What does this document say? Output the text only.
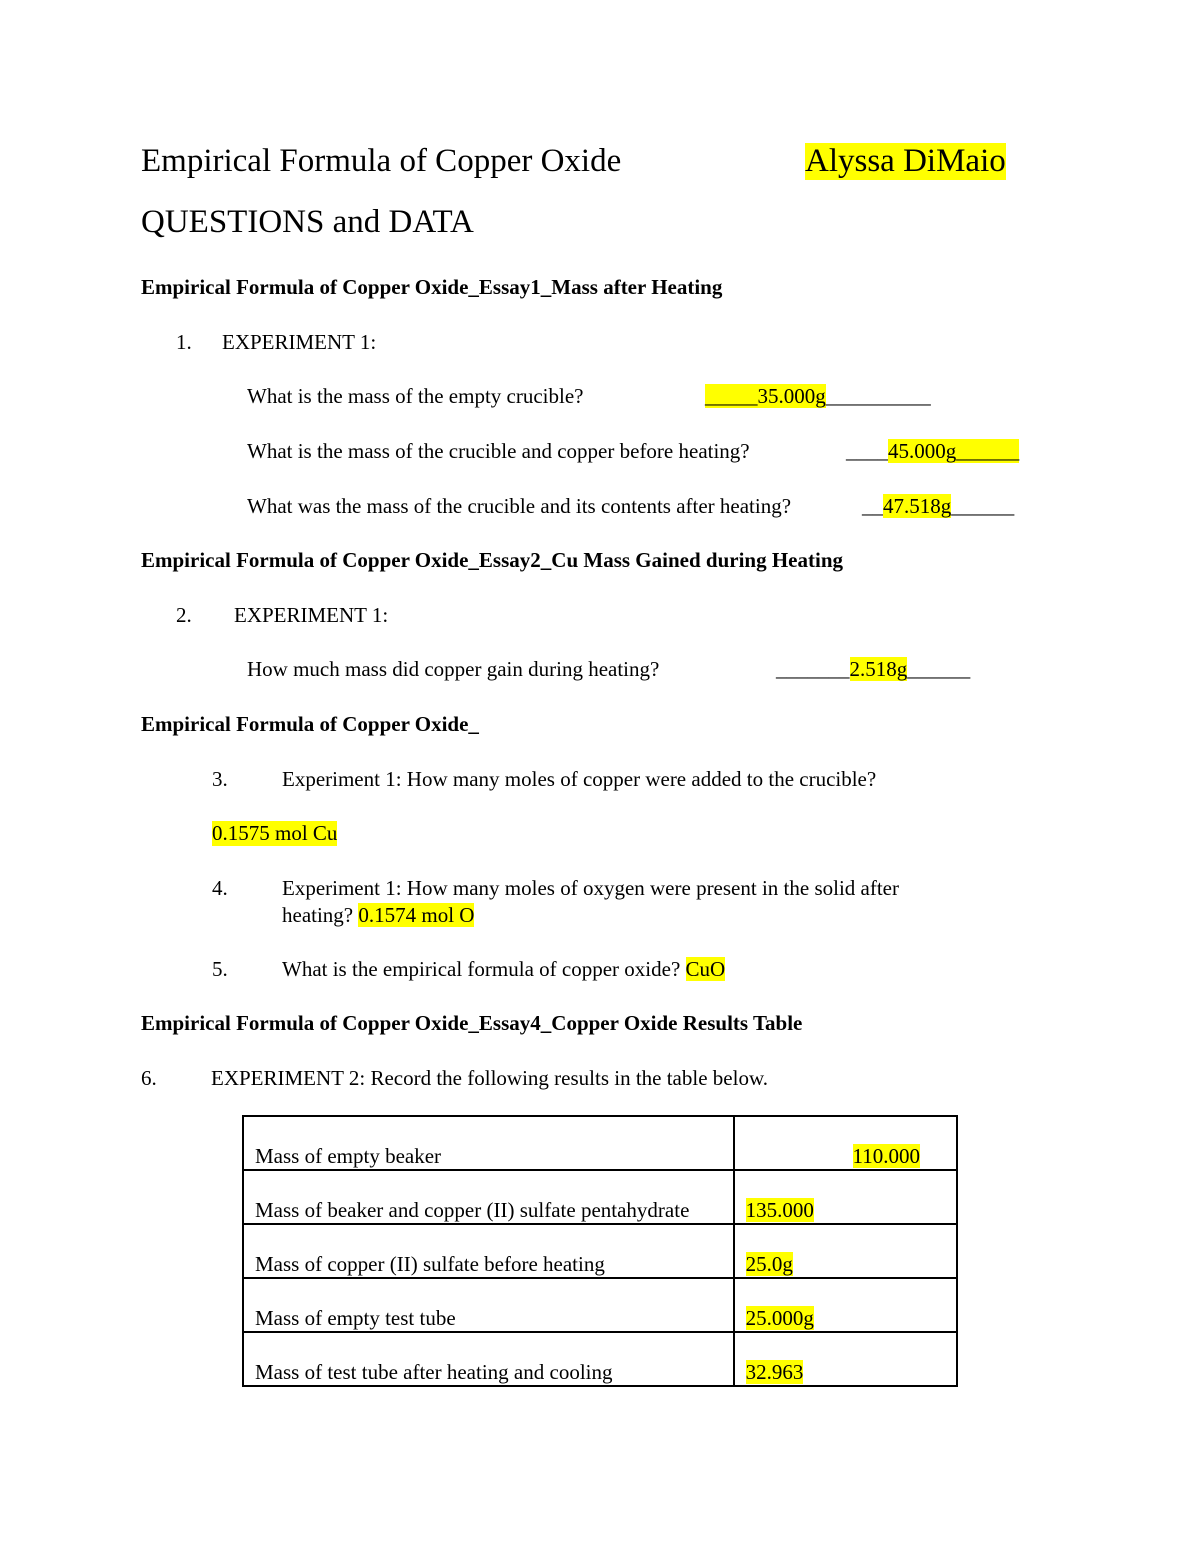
Empirical Formula of Copper Oxide	Alyssa DiMaio
QUESTIONS and DATA
Empirical Formula of Copper Oxide_Essay1_Mass after Heating
1. EXPERIMENT 1:
What is the mass of the empty crucible?	_____35.000g__________
What is the mass of the crucible and copper before heating?	____45.000g______
What was the mass of the crucible and its contents after heating?	__47.518g______
Empirical Formula of Copper Oxide_Essay2_Cu Mass Gained during Heating
2. EXPERIMENT 1:
How much mass did copper gain during heating?	_______2.518g______
Empirical Formula of Copper Oxide_
3.	Experiment 1: How many moles of copper were added to the crucible?
0.1575 mol Cu
4.	Experiment 1: How many moles of oxygen were present in the solid after
heating? 0.1574 mol O
5.	What is the empirical formula of copper oxide? CuO
Empirical Formula of Copper Oxide_Essay4_Copper Oxide Results Table
6.	EXPERIMENT 2: Record the following results in the table below.
Mass of empty beaker	110.000
Mass of beaker and copper (II) sulfate pentahydrate	135.000
Mass of copper (II) sulfate before heating	25.0g
Mass of empty test tube	25.000g
Mass of test tube after heating and cooling	32.963
